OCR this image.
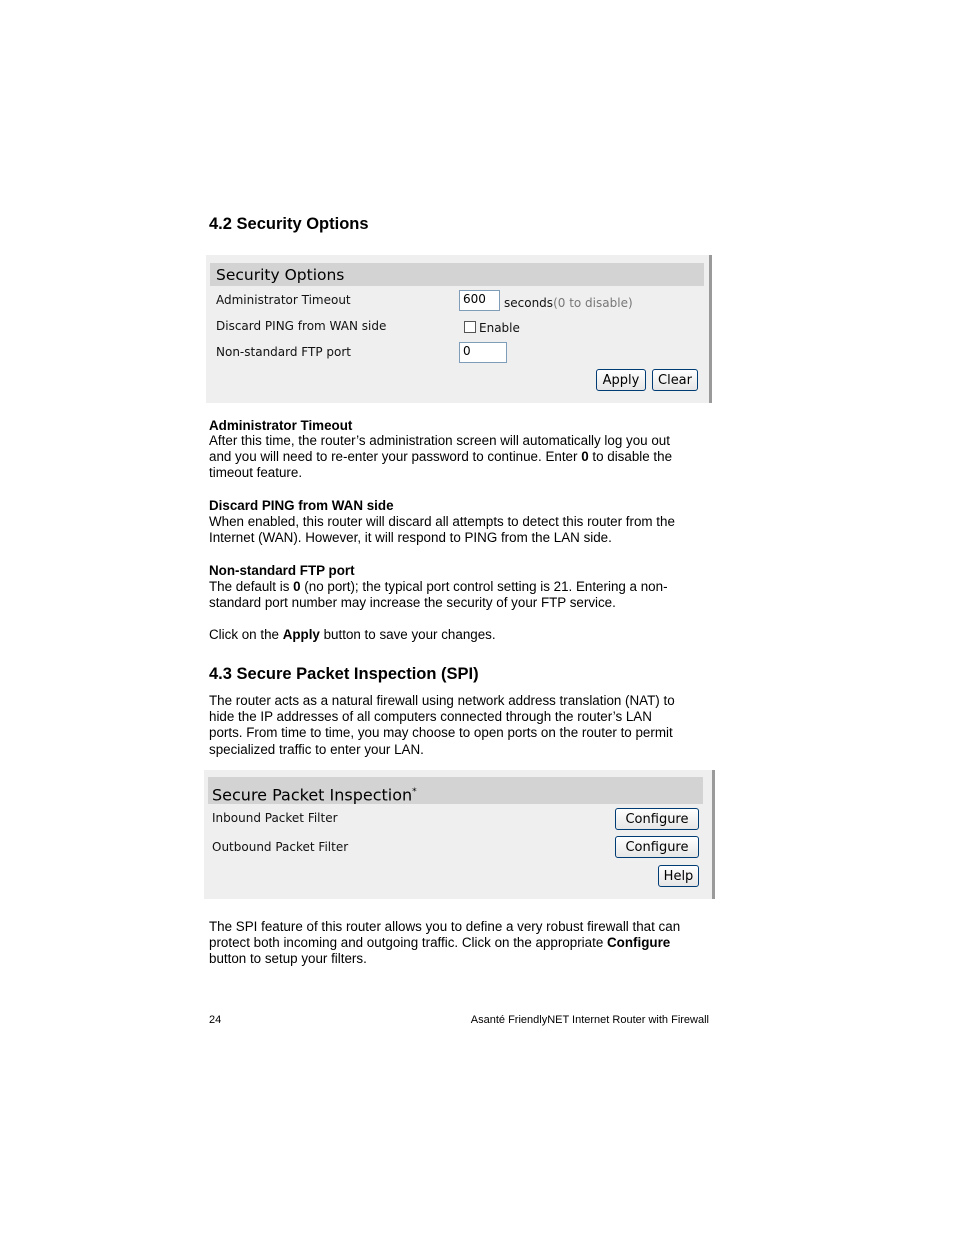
4.2 Security Options
Security Options
Administrator Timeout	600	seconds(0 to disable)
Discard PING from WAN side	Enable
Non-standard FTP port	0
Apply	Clear
Administrator Timeout
After this time, the router’s administration screen will automatically log you out
and you will need to re-enter your password to continue. Enter 0 to disable the
timeout feature.
Discard PING from WAN side
When enabled, this router will discard all attempts to detect this router from the
Internet (WAN). However, it will respond to PING from the LAN side.
Non-standard FTP port
The default is 0 (no port); the typical port control setting is 21. Entering a non-
standard port number may increase the security of your FTP service.
Click on the Apply button to save your changes.
4.3 Secure Packet Inspection (SPI)
The router acts as a natural firewall using network address translation (NAT) to
hide the IP addresses of all computers connected through the router’s LAN
ports. From time to time, you may choose to open ports on the router to permit
specialized traffic to enter your LAN.
Secure Packet Inspection*
Inbound Packet Filter	Configure
Outbound Packet Filter	Configure
Help
The SPI feature of this router allows you to define a very robust firewall that can
protect both incoming and outgoing traffic. Click on the appropriate Configure
button to setup your filters.
24	Asanté FriendlyNET Internet Router with Firewall
